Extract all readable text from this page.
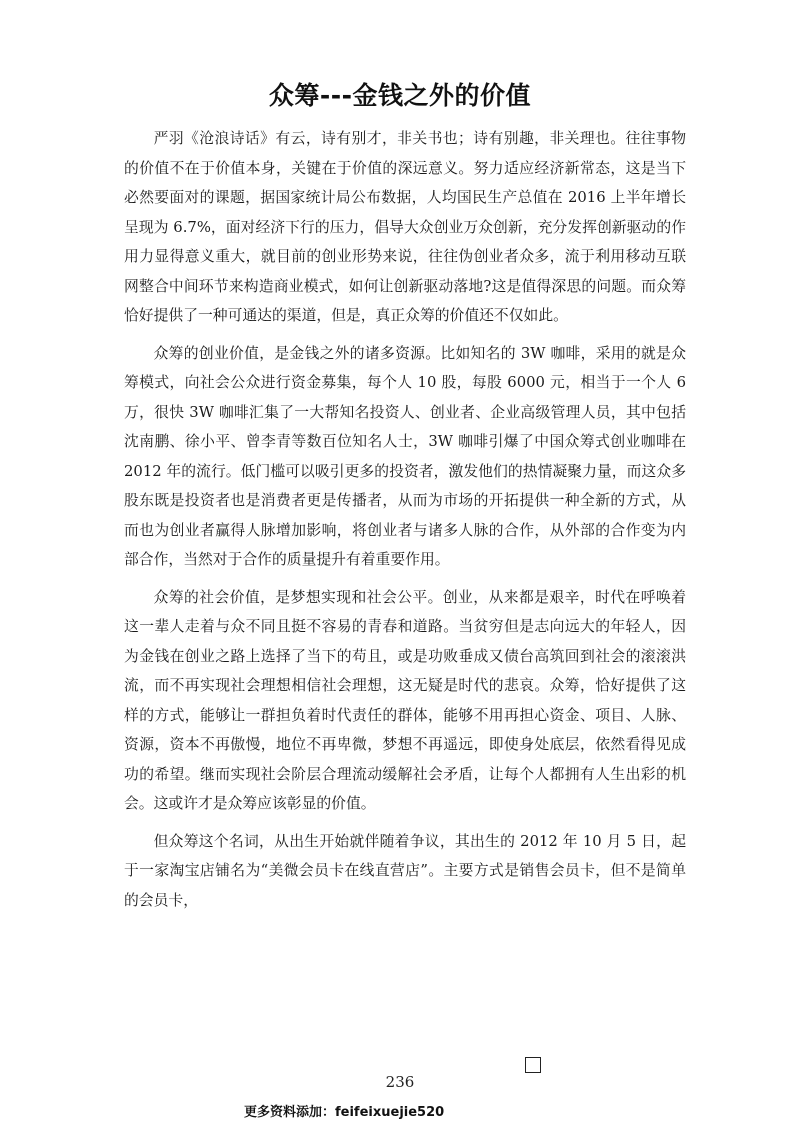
众筹---金钱之外的价值

严羽《沧浪诗话》有云，诗有别才，非关书也；诗有别趣，非关理也。往往事物的价值不在于价值本身，关键在于价值的深远意义。努力适应经济新常态，这是当下必然要面对的课题，据国家统计局公布数据，人均国民生产总值在 2016 上半年增长呈现为 6.7%，面对经济下行的压力，倡导大众创业万众创新，充分发挥创新驱动的作用力显得意义重大，就目前的创业形势来说，往往伪创业者众多，流于利用移动互联网整合中间环节来构造商业模式，如何让创新驱动落地?这是值得深思的问题。而众筹恰好提供了一种可通达的渠道，但是，真正众筹的价值还不仅如此。

众筹的创业价值，是金钱之外的诸多资源。比如知名的 3W 咖啡，采用的就是众筹模式，向社会公众进行资金募集，每个人 10 股，每股 6000 元，相当于一个人 6 万，很快 3W 咖啡汇集了一大帮知名投资人、创业者、企业高级管理人员，其中包括沈南鹏、徐小平、曾李青等数百位知名人士，3W 咖啡引爆了中国众筹式创业咖啡在 2012 年的流行。低门槛可以吸引更多的投资者，激发他们的热情凝聚力量，而这众多股东既是投资者也是消费者更是传播者，从而为市场的开拓提供一种全新的方式，从而也为创业者赢得人脉增加影响，将创业者与诸多人脉的合作，从外部的合作变为内部合作，当然对于合作的质量提升有着重要作用。

众筹的社会价值，是梦想实现和社会公平。创业，从来都是艰辛，时代在呼唤着这一辈人走着与众不同且挺不容易的青春和道路。当贫穷但是志向远大的年轻人，因为金钱在创业之路上选择了当下的苟且，或是功败垂成又债台高筑回到社会的滚滚洪流，而不再实现社会理想相信社会理想，这无疑是时代的悲哀。众筹，恰好提供了这样的方式，能够让一群担负着时代责任的群体，能够不用再担心资金、项目、人脉、资源，资本不再傲慢，地位不再卑微，梦想不再遥远，即使身处底层，依然看得见成功的希望。继而实现社会阶层合理流动缓解社会矛盾，让每个人都拥有人生出彩的机会。这或许才是众筹应该彰显的价值。

但众筹这个名词，从出生开始就伴随着争议，其出生的 2012 年 10 月 5 日，起于一家淘宝店铺名为“美微会员卡在线直营店”。主要方式是销售会员卡，但不是简单的会员卡，

236
更多资料添加：feifeixuejie520
